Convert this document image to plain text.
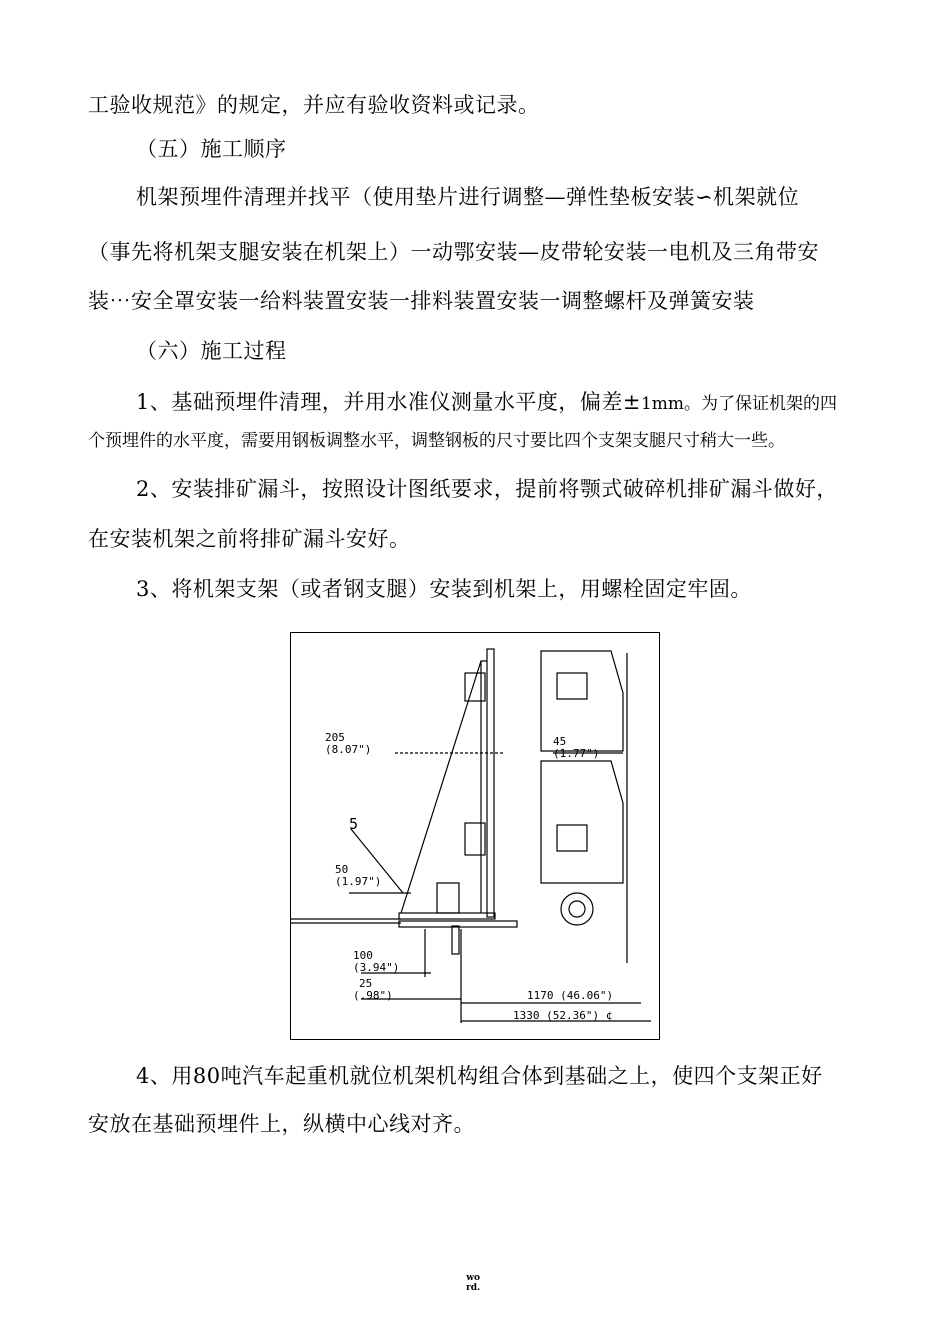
工验收规范》的规定，并应有验收资料或记录。
（五）施工顺序
机架预埋件清理并找平（使用垫片进行调整—弹性垫板安装∽机架就位
（事先将机架支腿安装在机架上）一动鄂安装—皮带轮安装一电机及三角带安
装⋯安全罩安装一给料装置安装一排料装置安装一调整螺杆及弹簧安装
（六）施工过程
1、基础预埋件清理，并用水准仪测量水平度，偏差±1mm。为了保证机架的四
个预埋件的水平度，需要用钢板调整水平，调整钢板的尺寸要比四个支架支腿尺寸稍大一些。
2、安装排矿漏斗，按照设计图纸要求，提前将颚式破碎机排矿漏斗做好，
在安装机架之前将排矿漏斗安好。
3、将机架支架（或者钢支腿）安装到机架上，用螺栓固定牢固。
205
(8.07")
45
(1.77")
5
50
(1.97")
100
(3.94")
25
(.98")	1170 (46.06")
1330 (52.36") ¢
4、用80吨汽车起重机就位机架机构组合体到基础之上，使四个支架正好
安放在基础预埋件上，纵横中心线对齐。
wo
rd.
